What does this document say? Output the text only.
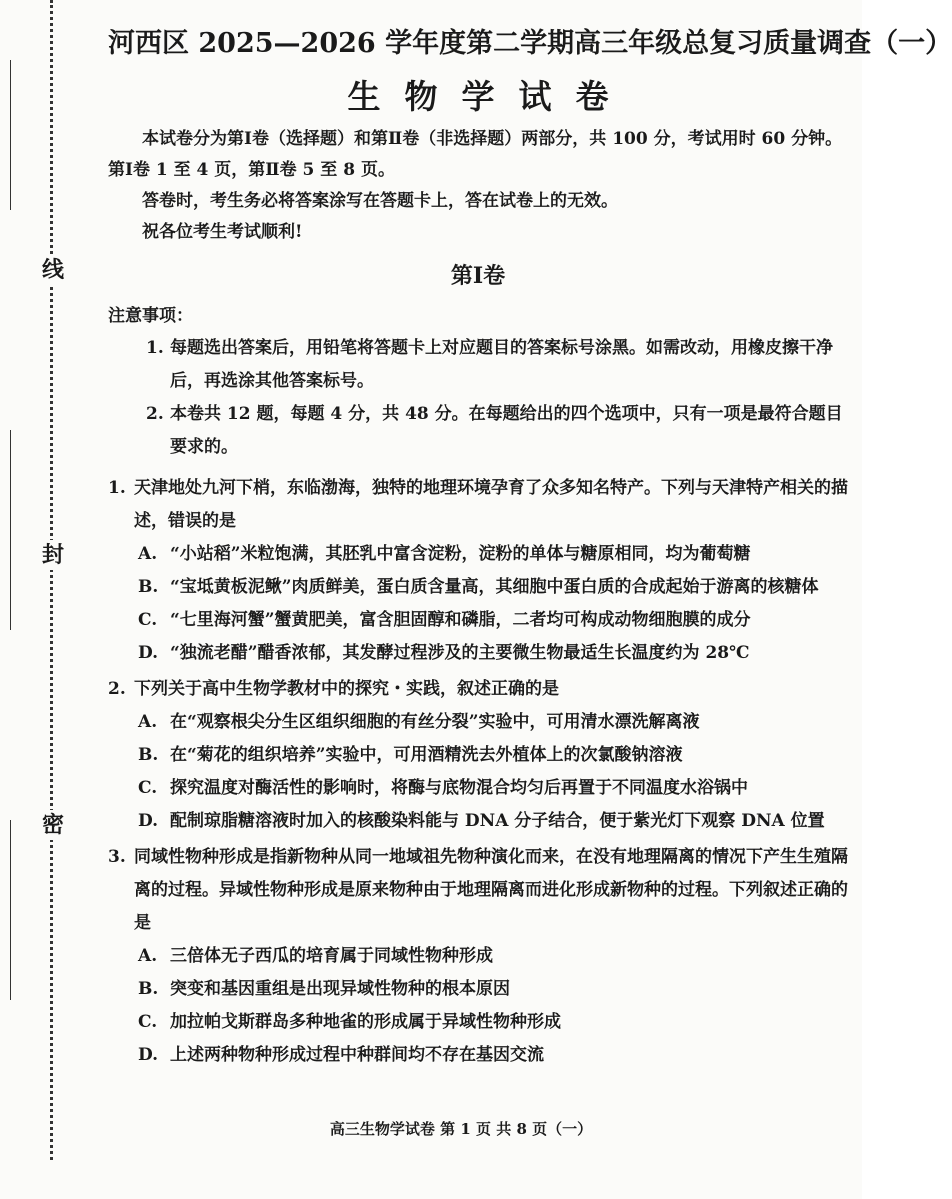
线
封
密
河西区 2025—2026 学年度第二学期高三年级总复习质量调查（一）
生物学试卷

本试卷分为第Ⅰ卷（选择题）和第Ⅱ卷（非选择题）两部分，共 100 分，考试用时 60 分钟。第Ⅰ卷 1 至 4 页，第Ⅱ卷 5 至 8 页。

答卷时，考生务必将答案涂写在答题卡上，答在试卷上的无效。

祝各位考生考试顺利!

第Ⅰ卷
注意事项：
1. 每题选出答案后，用铅笔将答题卡上对应题目的答案标号涂黑。如需改动，用橡皮擦干净后，再选涂其他答案标号。
2. 本卷共 12 题，每题 4 分，共 48 分。在每题给出的四个选项中，只有一项是最符合题目要求的。
1. 天津地处九河下梢，东临渤海，独特的地理环境孕育了众多知名特产。下列与天津特产相关的描述，错误的是
A. “小站稻”米粒饱满，其胚乳中富含淀粉，淀粉的单体与糖原相同，均为葡萄糖
B. “宝坻黄板泥鳅”肉质鲜美，蛋白质含量高，其细胞中蛋白质的合成起始于游离的核糖体
C. “七里海河蟹”蟹黄肥美，富含胆固醇和磷脂，二者均可构成动物细胞膜的成分
D. “独流老醋”醋香浓郁，其发酵过程涉及的主要微生物最适生长温度约为 28℃
2. 下列关于高中生物学教材中的探究・实践，叙述正确的是
A. 在“观察根尖分生区组织细胞的有丝分裂”实验中，可用清水漂洗解离液
B. 在“菊花的组织培养”实验中，可用酒精洗去外植体上的次氯酸钠溶液
C. 探究温度对酶活性的影响时，将酶与底物混合均匀后再置于不同温度水浴锅中
D. 配制琼脂糖溶液时加入的核酸染料能与 DNA 分子结合，便于紫光灯下观察 DNA 位置
3. 同域性物种形成是指新物种从同一地域祖先物种演化而来，在没有地理隔离的情况下产生生殖隔离的过程。异域性物种形成是原来物种由于地理隔离而进化形成新物种的过程。下列叙述正确的是
A. 三倍体无子西瓜的培育属于同域性物种形成
B. 突变和基因重组是出现异域性物种的根本原因
C. 加拉帕戈斯群岛多种地雀的形成属于异域性物种形成
D. 上述两种物种形成过程中种群间均不存在基因交流
高三生物学试卷 第 1 页 共 8 页（一）
